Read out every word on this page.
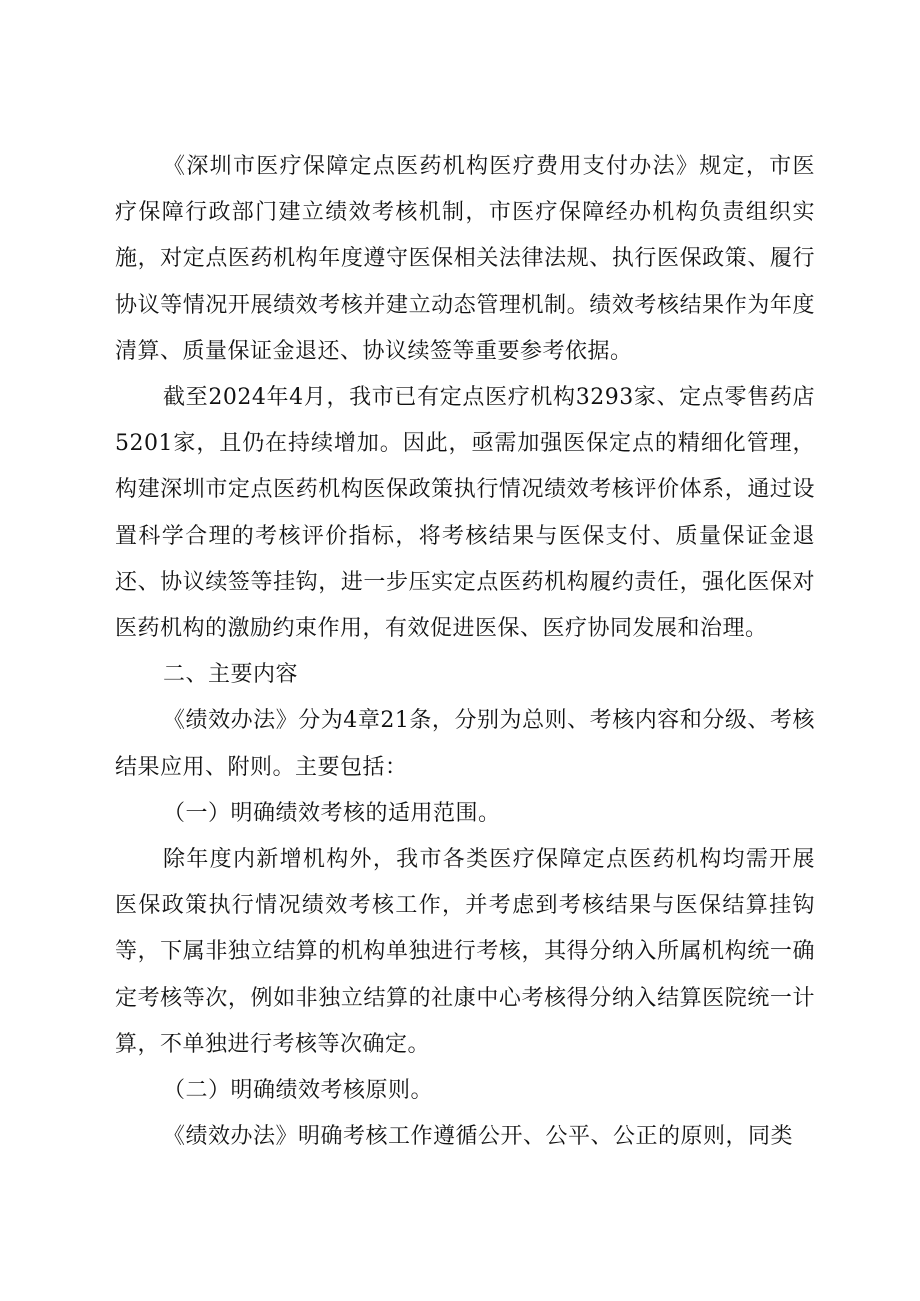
《深圳市医疗保障定点医药机构医疗费用支付办法》规定，市医疗保障行政部门建立绩效考核机制，市医疗保障经办机构负责组织实施，对定点医药机构年度遵守医保相关法律法规、执行医保政策、履行协议等情况开展绩效考核并建立动态管理机制。绩效考核结果作为年度清算、质量保证金退还、协议续签等重要参考依据。

截至2024年4月，我市已有定点医疗机构3293家、定点零售药店5201家，且仍在持续增加。因此，亟需加强医保定点的精细化管理，构建深圳市定点医药机构医保政策执行情况绩效考核评价体系，通过设置科学合理的考核评价指标，将考核结果与医保支付、质量保证金退还、协议续签等挂钩，进一步压实定点医药机构履约责任，强化医保对医药机构的激励约束作用，有效促进医保、医疗协同发展和治理。

二、主要内容

《绩效办法》分为4章21条，分别为总则、考核内容和分级、考核结果应用、附则。主要包括：

（一）明确绩效考核的适用范围。

除年度内新增机构外，我市各类医疗保障定点医药机构均需开展医保政策执行情况绩效考核工作，并考虑到考核结果与医保结算挂钩等，下属非独立结算的机构单独进行考核，其得分纳入所属机构统一确定考核等次，例如非独立结算的社康中心考核得分纳入结算医院统一计算，不单独进行考核等次确定。

（二）明确绩效考核原则。

《绩效办法》明确考核工作遵循公开、公平、公正的原则，同类
